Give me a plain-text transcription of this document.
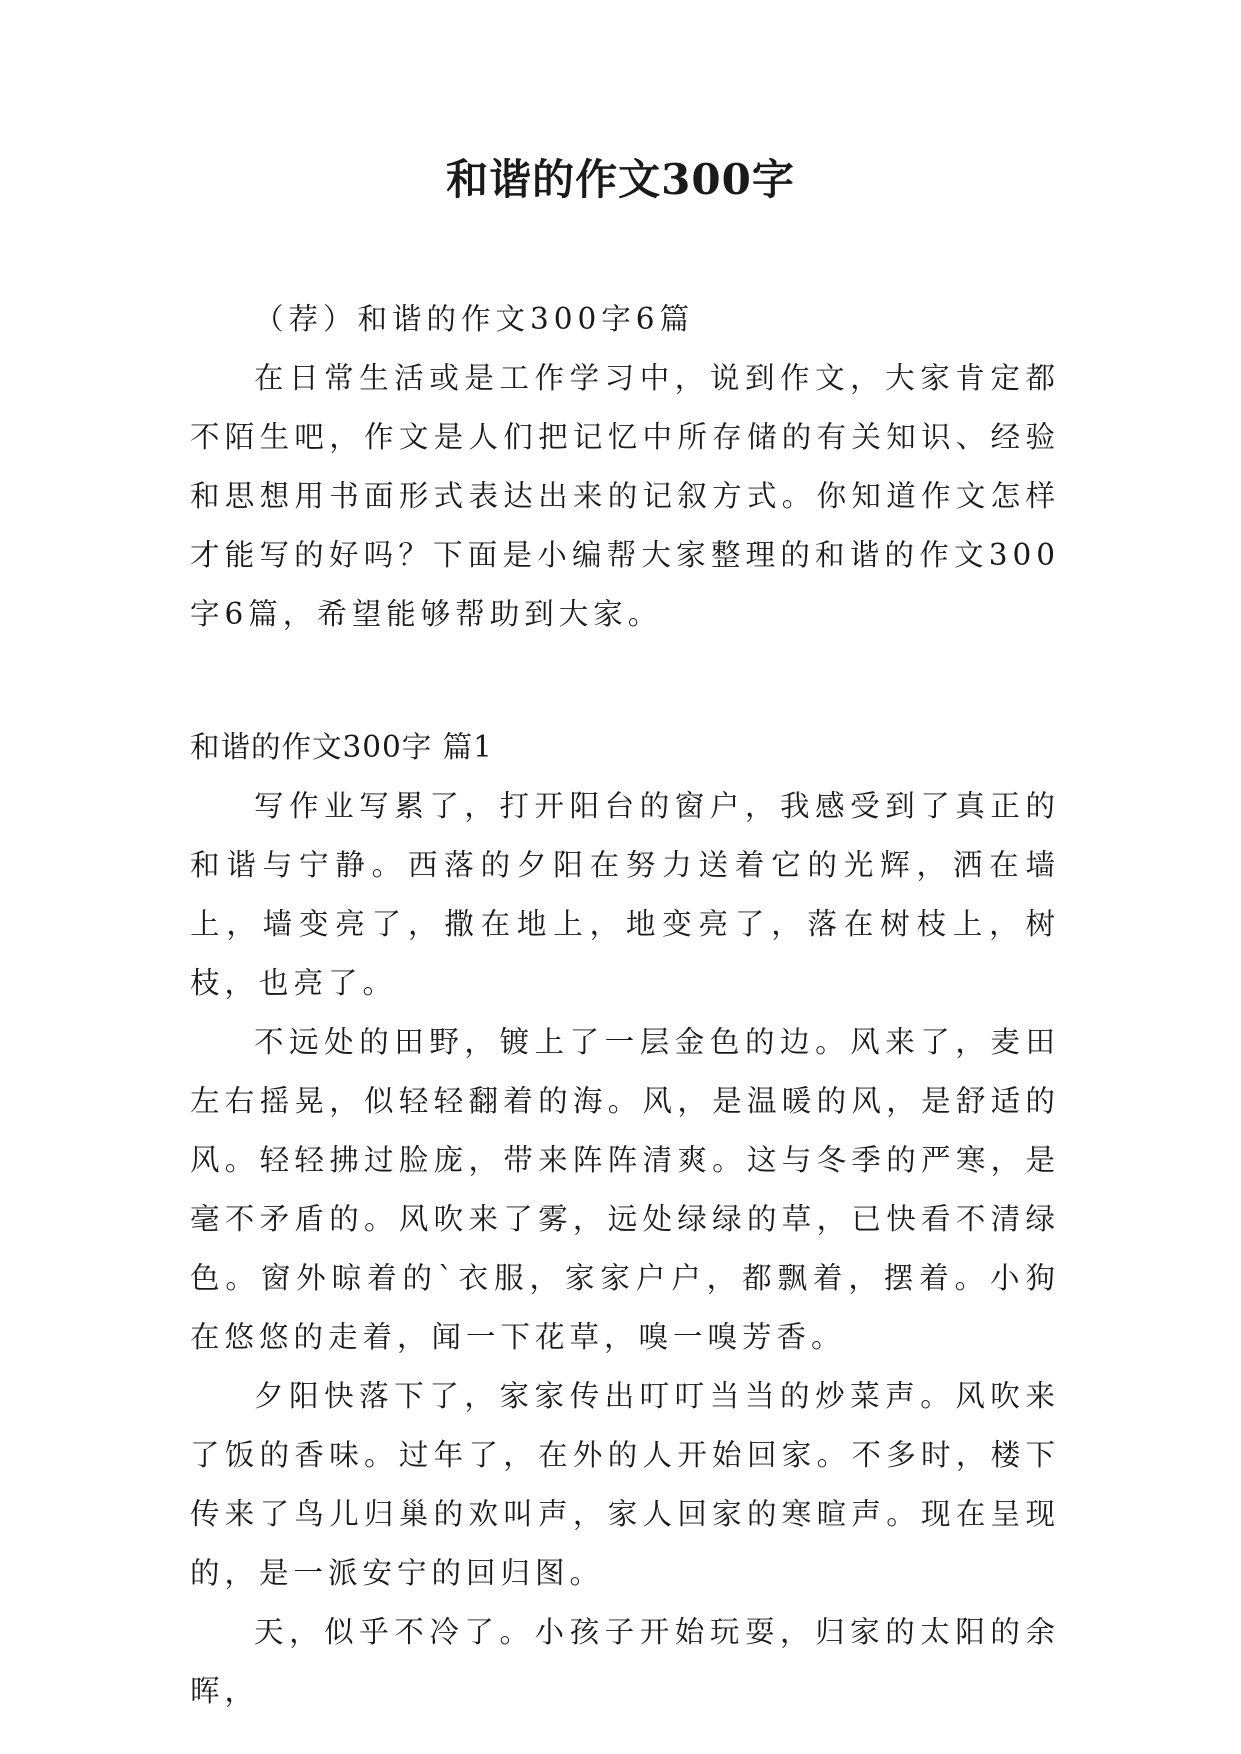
和谐的作文300字

（荐）和谐的作文300字6篇

在日常生活或是工作学习中，说到作文，大家肯定都不陌生吧，作文是人们把记忆中所存储的有关知识、经验和思想用书面形式表达出来的记叙方式。你知道作文怎样才能写的好吗？下面是小编帮大家整理的和谐的作文300字6篇，希望能够帮助到大家。

和谐的作文300字 篇1

写作业写累了，打开阳台的窗户，我感受到了真正的和谐与宁静。西落的夕阳在努力送着它的光辉，洒在墙上，墙变亮了，撒在地上，地变亮了，落在树枝上，树枝，也亮了。

不远处的田野，镀上了一层金色的边。风来了，麦田左右摇晃，似轻轻翻着的海。风，是温暖的风，是舒适的风。轻轻拂过脸庞，带来阵阵清爽。这与冬季的严寒，是毫不矛盾的。风吹来了雾，远处绿绿的草，已快看不清绿色。窗外晾着的`衣服，家家户户，都飘着，摆着。小狗在悠悠的走着，闻一下花草，嗅一嗅芳香。

夕阳快落下了，家家传出叮叮当当的炒菜声。风吹来了饭的香味。过年了，在外的人开始回家。不多时，楼下传来了鸟儿归巢的欢叫声，家人回家的寒暄声。现在呈现的，是一派安宁的回归图。

天，似乎不冷了。小孩子开始玩耍，归家的太阳的余晖，
